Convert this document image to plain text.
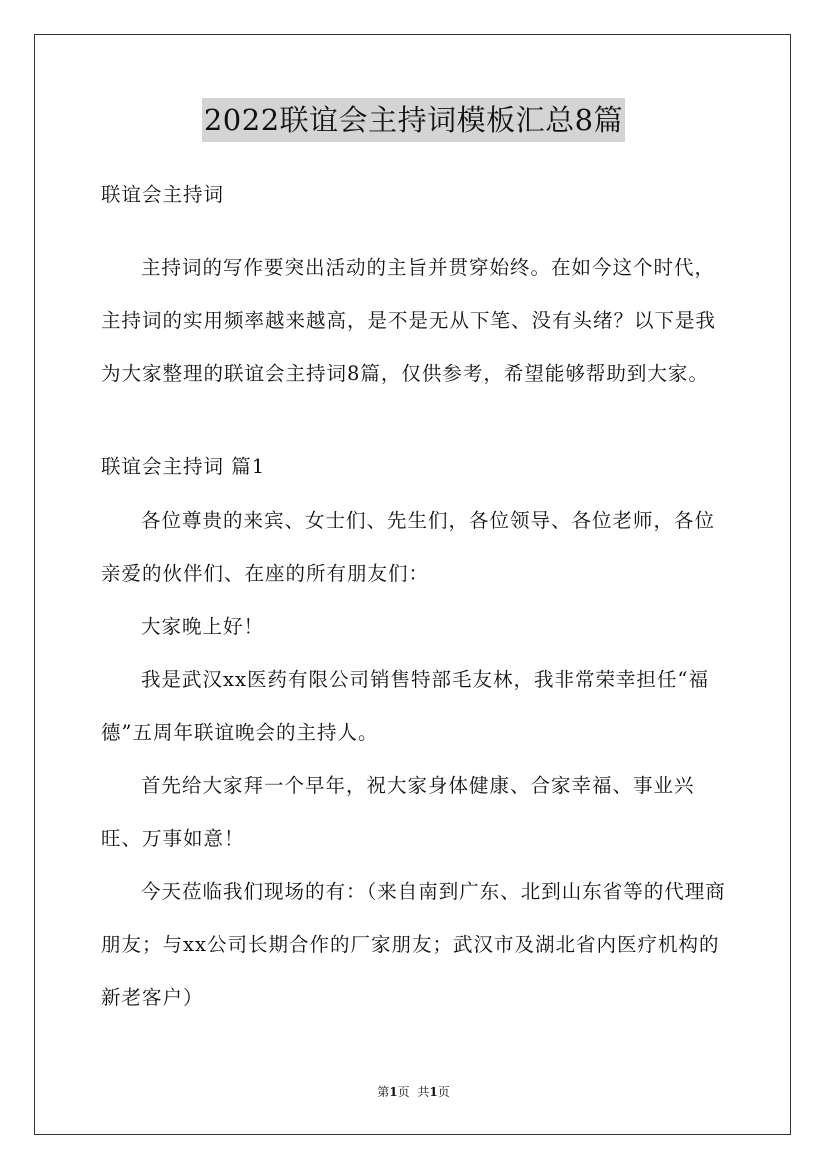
2022联谊会主持词模板汇总8篇
联谊会主持词

主持词的写作要突出活动的主旨并贯穿始终。在如今这个时代，主持词的实用频率越来越高，是不是无从下笔、没有头绪？以下是我为大家整理的联谊会主持词8篇，仅供参考，希望能够帮助到大家。

联谊会主持词 篇1

各位尊贵的来宾、女士们、先生们，各位领导、各位老师，各位亲爱的伙伴们、在座的所有朋友们：

大家晚上好！

我是武汉xx医药有限公司销售特部毛友林，我非常荣幸担任“福德”五周年联谊晚会的主持人。

首先给大家拜一个早年，祝大家身体健康、合家幸福、事业兴旺、万事如意！

今天莅临我们现场的有：（来自南到广东、北到山东省等的代理商朋友；与xx公司长期合作的厂家朋友；武汉市及湖北省内医疗机构的新老客户）

第1页 共1页
